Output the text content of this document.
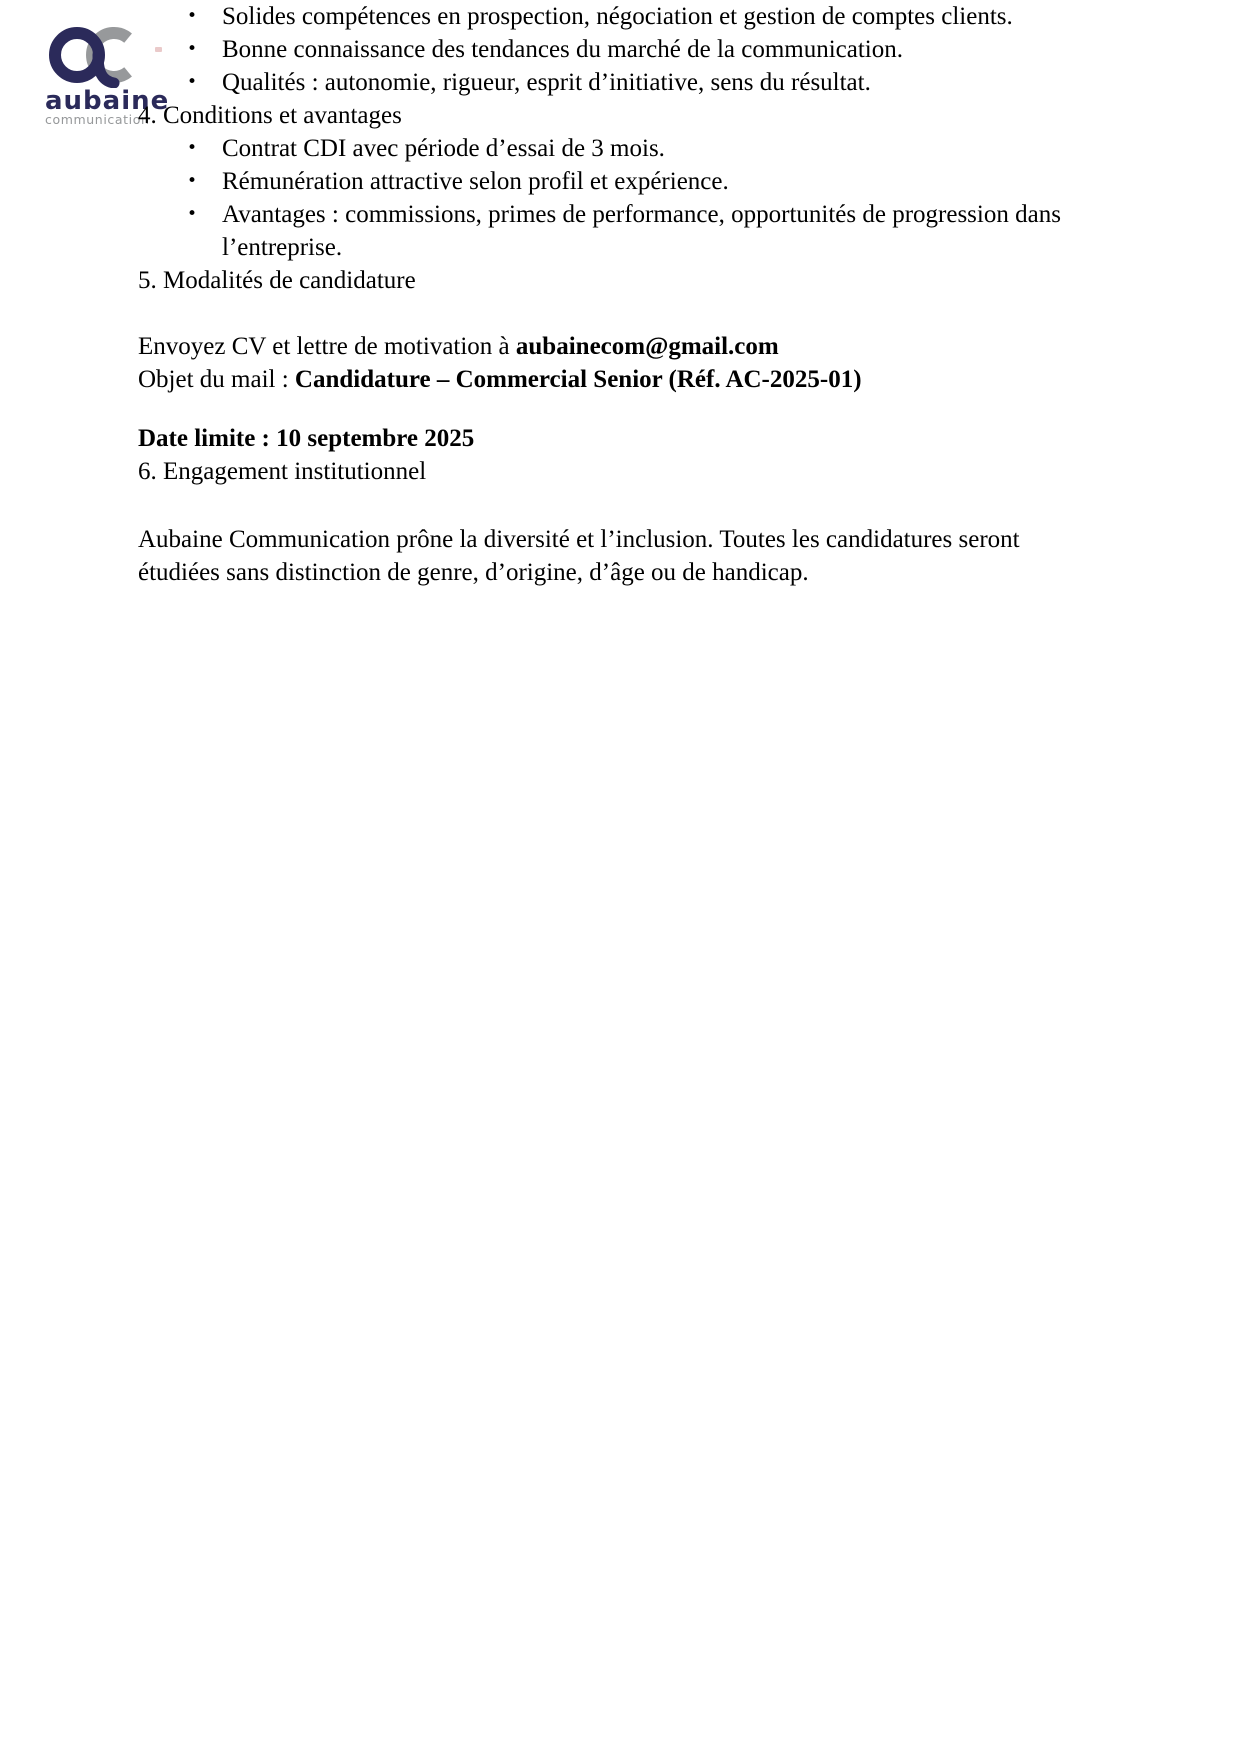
aubaine
communication
• Solides compétences en prospection, négociation et gestion de comptes clients.
• Bonne connaissance des tendances du marché de la communication.
• Qualités : autonomie, rigueur, esprit d’initiative, sens du résultat.

4. Conditions et avantages

• Contrat CDI avec période d’essai de 3 mois.
• Rémunération attractive selon profil et expérience.
• Avantages : commissions, primes de performance, opportunités de progression dans l’entreprise.

5. Modalités de candidature

Envoyez CV et lettre de motivation à aubainecom@gmail.com
Objet du mail : Candidature – Commercial Senior (Réf. AC-2025-01)

Date limite : 10 septembre 2025

6. Engagement institutionnel

Aubaine Communication prône la diversité et l’inclusion. Toutes les candidatures seront étudiées sans distinction de genre, d’origine, d’âge ou de handicap.
